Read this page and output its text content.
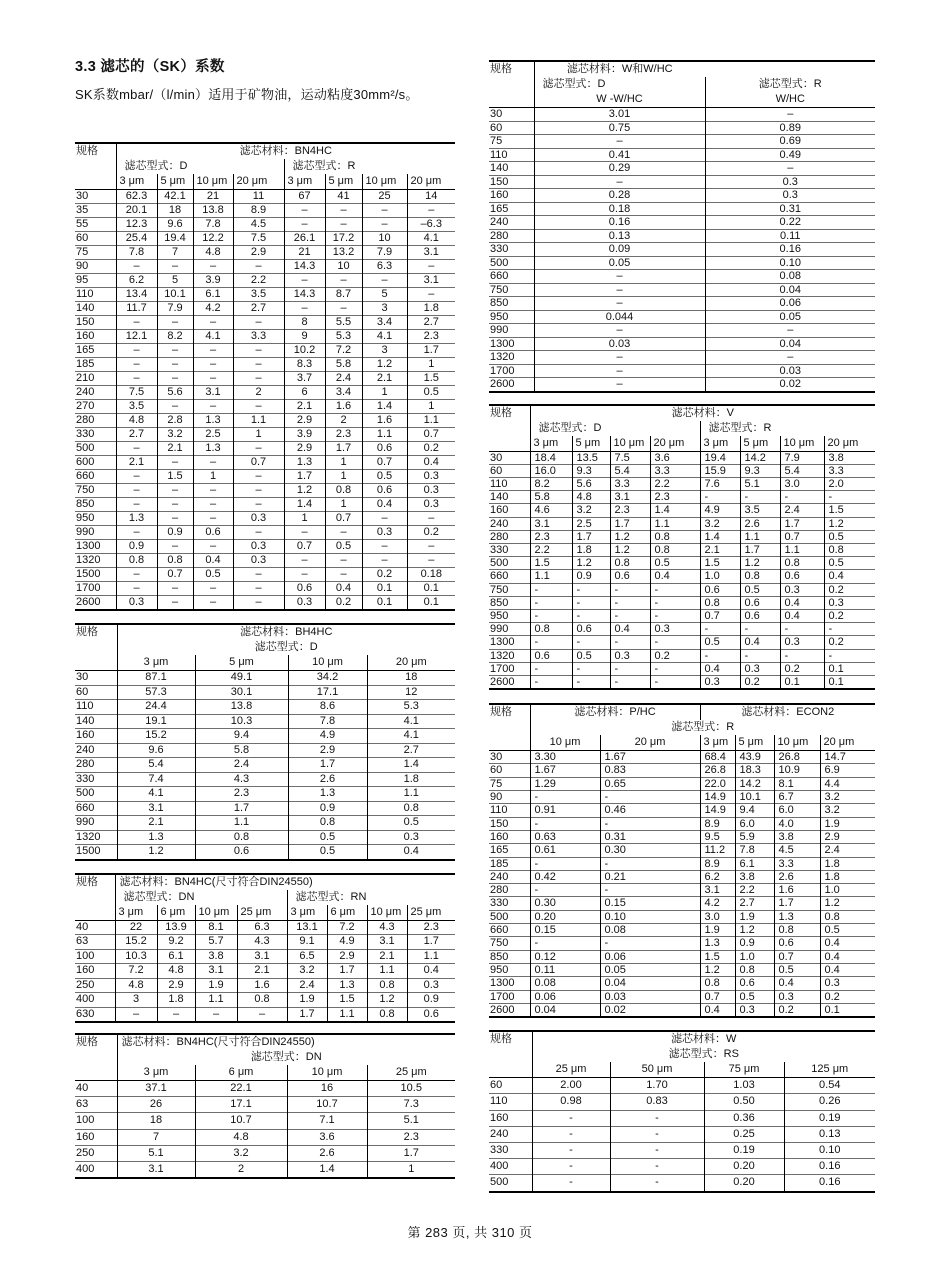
3.3 滤芯的（SK）系数
SK系数mbar/（l/min）适用于矿物油，运动粘度30mm²/s。
规格	滤芯材料：BN4HC							
	滤芯型式：D				滤芯型式：R			
	3 μm	5 μm	10 μm	20 μm	3 μm	5 μm	10 μm	20 μm
30	62.3	42.1	21	11	67	41	25	14
35	20.1	18	13.8	8.9	–	–	–	–
55	12.3	9.6	7.8	4.5	–	–	–	–6.3
60	25.4	19.4	12.2	7.5	26.1	17.2	10	4.1
75	7.8	7	4.8	2.9	21	13.2	7.9	3.1
90	–	–	–	–	14.3	10	6.3	–
95	6.2	5	3.9	2.2	–	–	–	3.1
110	13.4	10.1	6.1	3.5	14.3	8.7	5	–
140	11.7	7.9	4.2	2.7	–	–	3	1.8
150	–	–	–	–	8	5.5	3.4	2.7
160	12.1	8.2	4.1	3.3	9	5.3	4.1	2.3
165	–	–	–	–	10.2	7.2	3	1.7
185	–	–	–	–	8.3	5.8	1.2	1
210	–	–	–	–	3.7	2.4	2.1	1.5
240	7.5	5.6	3.1	2	6	3.4	1	0.5
270	3.5	–	–	–	2.1	1.6	1.4	1
280	4.8	2.8	1.3	1.1	2.9	2	1.6	1.1
330	2.7	3.2	2.5	1	3.9	2.3	1.1	0.7
500	–	2.1	1.3	–	2.9	1.7	0.6	0.2
600	2.1	–	–	0.7	1.3	1	0.7	0.4
660	–	1.5	1	–	1.7	1	0.5	0.3
750	–	–	–	–	1.2	0.8	0.6	0.3
850	–	–	–	–	1.4	1	0.4	0.3
950	1.3	–	–	0.3	1	0.7	–	–
990	–	0.9	0.6	–	–	–	0.3	0.2
1300	0.9	–	–	0.3	0.7	0.5	–	–
1320	0.8	0.8	0.4	0.3	–	–	–	–
1500	–	0.7	0.5	–	–	–	0.2	0.18
1700	–	–	–	–	0.6	0.4	0.1	0.1
2600	0.3	–	–	–	0.3	0.2	0.1	0.1
规格	滤芯材料：BH4HC
滤芯型式：D			

	3 μm	5 μm	10 μm	20 μm
30	87.1	49.1	34.2	18
60	57.3	30.1	17.1	12
110	24.4	13.8	8.6	5.3
140	19.1	10.3	7.8	4.1
160	15.2	9.4	4.9	4.1
240	9.6	5.8	2.9	2.7
280	5.4	2.4	1.7	1.4
330	7.4	4.3	2.6	1.8
500	4.1	2.3	1.3	1.1
660	3.1	1.7	0.9	0.8
990	2.1	1.1	0.8	0.5
1320	1.3	0.8	0.5	0.3
1500	1.2	0.6	0.5	0.4
规格	滤芯材料：BN4HC(尺寸符合DIN24550)							
	滤芯型式：DN				滤芯型式：RN			
	3 μm	6 μm	10 μm	25 μm	3 μm	6 μm	10 μm	25 μm
40	22	13.9	8.1	6.3	13.1	7.2	4.3	2.3
63	15.2	9.2	5.7	4.3	9.1	4.9	3.1	1.7
100	10.3	6.1	3.8	3.1	6.5	2.9	2.1	1.1
160	7.2	4.8	3.1	2.1	3.2	1.7	1.1	0.4
250	4.8	2.9	1.9	1.6	2.4	1.3	0.8	0.3
400	3	1.8	1.1	0.8	1.9	1.5	1.2	0.9
630	–	–	–	–	1.7	1.1	0.8	0.6
规格	滤芯材料：BN4HC(尺寸符合DIN24550)			
	滤芯型式：DN			
	3 μm	6 μm	10 μm	25 μm
40	37.1	22.1	16	10.5
63	26	17.1	10.7	7.3
100	18	10.7	7.1	5.1
160	7	4.8	3.6	2.3
250	5.1	3.2	2.6	1.7
400	3.1	2	1.4	1
规格	滤芯材料：W和W/HC	
	滤芯型式：D	滤芯型式：R
	W -W/HC	W/HC
30	3.01	–
60	0.75	0.89
75	–	0.69
110	0.41	0.49
140	0.29	–
150	–	0.3
160	0.28	0.3
165	0.18	0.31
240	0.16	0.22
280	0.13	0.11
330	0.09	0.16
500	0.05	0.10
660	–	0.08
750	–	0.04
850	–	0.06
950	0.044	0.05
990	–	–
1300	0.03	0.04
1320	–	–
1700	–	0.03
2600	–	0.02
规格	滤芯材料：V							
	滤芯型式：D				滤芯型式：R			
	3 μm	5 μm	10 μm	20 μm	3 μm	5 μm	10 μm	20 μm
30	18.4	13.5	7.5	3.6	19.4	14.2	7.9	3.8
60	16.0	9.3	5.4	3.3	15.9	9.3	5.4	3.3
110	8.2	5.6	3.3	2.2	7.6	5.1	3.0	2.0
140	5.8	4.8	3.1	2.3	-	-	-	-
160	4.6	3.2	2.3	1.4	4.9	3.5	2.4	1.5
240	3.1	2.5	1.7	1.1	3.2	2.6	1.7	1.2
280	2.3	1.7	1.2	0.8	1.4	1.1	0.7	0.5
330	2.2	1.8	1.2	0.8	2.1	1.7	1.1	0.8
500	1.5	1.2	0.8	0.5	1.5	1.2	0.8	0.5
660	1.1	0.9	0.6	0.4	1.0	0.8	0.6	0.4
750	-	-	-	-	0.6	0.5	0.3	0.2
850	-	-	-	-	0.8	0.6	0.4	0.3
950	-	-	-	-	0.7	0.6	0.4	0.2
990	0.8	0.6	0.4	0.3	-	-	-	-
1300	-	-	-	-	0.5	0.4	0.3	0.2
1320	0.6	0.5	0.3	0.2	-	-	-	-
1700	-	-	-	-	0.4	0.3	0.2	0.1
2600	-	-	-	-	0.3	0.2	0.1	0.1
规格	滤芯材料：P/HC		滤芯材料：ECON2			
	滤芯型式：R					
	10 μm	20 μm	3 μm	5 μm	10 μm	20 μm
30	3.30	1.67	68.4	43.9	26.8	14.7
60	1.67	0.83	26.8	18.3	10.9	6.9
75	1.29	0.65	22.0	14.2	8.1	4.4
90	-	-	14.9	10.1	6.7	3.2
110	0.91	0.46	14.9	9.4	6.0	3.2
150	-	-	8.9	6.0	4.0	1.9
160	0.63	0.31	9.5	5.9	3.8	2.9
165	0.61	0.30	11.2	7.8	4.5	2.4
185	-	-	8.9	6.1	3.3	1.8
240	0.42	0.21	6.2	3.8	2.6	1.8
280	-	-	3.1	2.2	1.6	1.0
330	0.30	0.15	4.2	2.7	1.7	1.2
500	0.20	0.10	3.0	1.9	1.3	0.8
660	0.15	0.08	1.9	1.2	0.8	0.5
750	-	-	1.3	0.9	0.6	0.4
850	0.12	0.06	1.5	1.0	0.7	0.4
950	0.11	0.05	1.2	0.8	0.5	0.4
1300	0.08	0.04	0.8	0.6	0.4	0.3
1700	0.06	0.03	0.7	0.5	0.3	0.2
2600	0.04	0.02	0.4	0.3	0.2	0.1
规格	滤芯材料：W
滤芯型式：RS			

	25 μm	50 μm	75 μm	125 μm
60	2.00	1.70	1.03	0.54
110	0.98	0.83	0.50	0.26
160	-	-	0.36	0.19
240	-	-	0.25	0.13
330	-	-	0.19	0.10
400	-	-	0.20	0.16
500	-	-	0.20	0.16
第 283 页, 共 310 页
